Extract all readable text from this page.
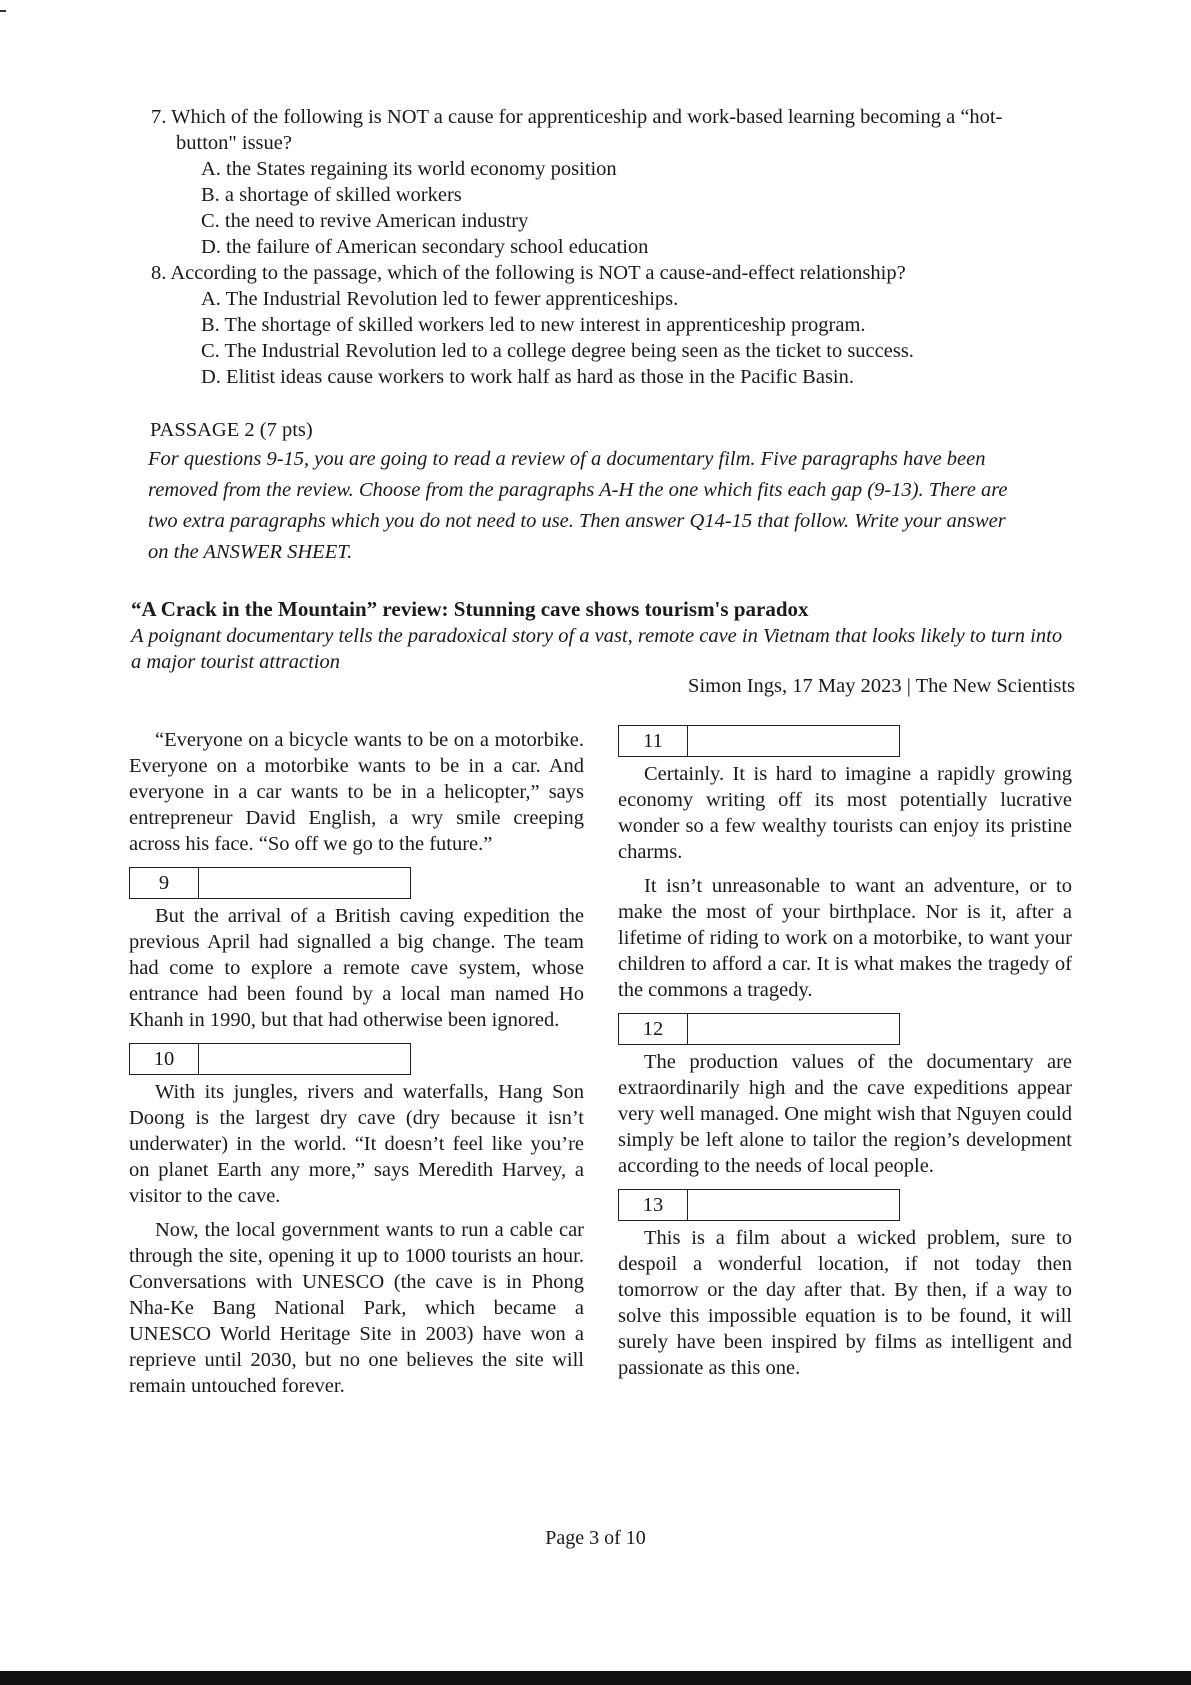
7. Which of the following is NOT a cause for apprenticeship and work-based learning becoming a “hot-button" issue?
A. the States regaining its world economy position
B. a shortage of skilled workers
C. the need to revive American industry
D. the failure of American secondary school education
8. According to the passage, which of the following is NOT a cause-and-effect relationship?
A. The Industrial Revolution led to fewer apprenticeships.
B. The shortage of skilled workers led to new interest in apprenticeship program.
C. The Industrial Revolution led to a college degree being seen as the ticket to success.
D. Elitist ideas cause workers to work half as hard as those in the Pacific Basin.
PASSAGE 2 (7 pts)
For questions 9-15, you are going to read a review of a documentary film. Five paragraphs have been removed from the review. Choose from the paragraphs A-H the one which fits each gap (9-13). There are two extra paragraphs which you do not need to use. Then answer Q14-15 that follow. Write your answer on the ANSWER SHEET.
“A Crack in the Mountain” review: Stunning cave shows tourism's paradox
A poignant documentary tells the paradoxical story of a vast, remote cave in Vietnam that looks likely to turn into a major tourist attraction
Simon Ings, 17 May 2023 | The New Scientists

“Everyone on a bicycle wants to be on a motorbike. Everyone on a motorbike wants to be in a car. And everyone in a car wants to be in a helicopter,” says entrepreneur David English, a wry smile creeping across his face. “So off we go to the future.”

9

But the arrival of a British caving expedition the previous April had signalled a big change. The team had come to explore a remote cave system, whose entrance had been found by a local man named Ho Khanh in 1990, but that had otherwise been ignored.

10

With its jungles, rivers and waterfalls, Hang Son Doong is the largest dry cave (dry because it isn’t underwater) in the world. “It doesn’t feel like you’re on planet Earth any more,” says Meredith Harvey, a visitor to the cave.

Now, the local government wants to run a cable car through the site, opening it up to 1000 tourists an hour. Conversations with UNESCO (the cave is in Phong Nha-Ke Bang National Park, which became a UNESCO World Heritage Site in 2003) have won a reprieve until 2030, but no one believes the site will remain untouched forever.

11

Certainly. It is hard to imagine a rapidly growing economy writing off its most potentially lucrative wonder so a few wealthy tourists can enjoy its pristine charms.

It isn’t unreasonable to want an adventure, or to make the most of your birthplace. Nor is it, after a lifetime of riding to work on a motorbike, to want your children to afford a car. It is what makes the tragedy of the commons a tragedy.

12

The production values of the documentary are extraordinarily high and the cave expeditions appear very well managed. One might wish that Nguyen could simply be left alone to tailor the region’s development according to the needs of local people.

13

This is a film about a wicked problem, sure to despoil a wonderful location, if not today then tomorrow or the day after that. By then, if a way to solve this impossible equation is to be found, it will surely have been inspired by films as intelligent and passionate as this one.

Page 3 of 10
